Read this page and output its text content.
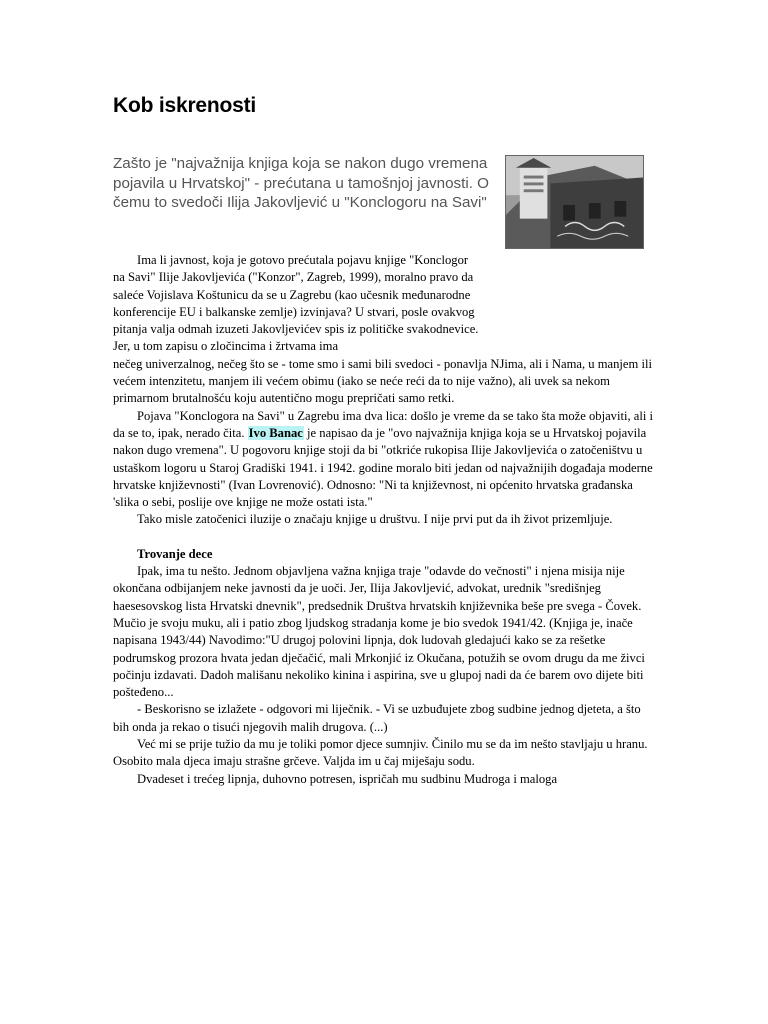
Kob iskrenosti

Zašto je "najvažnija knjiga koja se nakon dugo vremena pojavila u Hrvatskoj" - prećutana u tamošnjoj javnosti. O čemu to svedoči Ilija Jakovljević u "Konclogoru na Savi"

Ima li javnost, koja je gotovo prećutala pojavu knjige "Konclogor na Savi" Ilije Jakovljevića ("Konzor", Zagreb, 1999), moralno pravo da saleće Vojislava Koštunicu da se u Zagrebu (kao učesnik međunarodne konferencije EU i balkanske zemlje) izvinjava? U stvari, posle ovakvog pitanja valja odmah izuzeti Jakovljevićev spis iz političke svakodnevice. Jer, u tom zapisu o zločincima i žrtvama ima

nečeg univerzalnog, nečeg što se - tome smo i sami bili svedoci - ponavlja NJima, ali i Nama, u manjem ili većem intenzitetu, manjem ili većem obimu (iako se neće reći da to nije važno), ali uvek sa nekom primarnom brutalnošću koju autentično mogu prepričati samo retki.

Pojava "Konclogora na Savi" u Zagrebu ima dva lica: došlo je vreme da se tako šta može objaviti, ali i da se to, ipak, nerado čita. Ivo Banac je napisao da je "ovo najvažnija knjiga koja se u Hrvatskoj pojavila nakon dugo vremena". U pogovoru knjige stoji da bi "otkriće rukopisa Ilije Jakovljevića o zatočeništvu u ustaškom logoru u Staroj Gradiški 1941. i 1942. godine moralo biti jedan od najvažnijih događaja moderne hrvatske književnosti" (Ivan Lovrenović). Odnosno: "Ni ta književnost, ni općenito hrvatska građanska 'slika o sebi, poslije ove knjige ne može ostati ista."

Tako misle zatočenici iluzije o značaju knjige u društvu. I nije prvi put da ih život prizemljuje.

Trovanje dece

Ipak, ima tu nešto. Jednom objavljena važna knjiga traje "odavde do večnosti" i njena misija nije okončana odbijanjem neke javnosti da je uoči. Jer, Ilija Jakovljević, advokat, urednik "središnjeg haesesovskog lista Hrvatski dnevnik", predsednik Društva hrvatskih književnika beše pre svega - Čovek. Mučio je svoju muku, ali i patio zbog ljudskog stradanja kome je bio svedok 1941/42. (Knjiga je, inače napisana 1943/44) Navodimo:"U drugoj polovini lipnja, dok ludovah gledajući kako se za rešetke podrumskog prozora hvata jedan dječačić, mali Mrkonjić iz Okučana, potužih se ovom drugu da me živci počinju izdavati. Dadoh mališanu nekoliko kinina i aspirina, sve u glupoj nadi da će barem ovo dijete biti pošteđeno...

- Beskorisno se izlažete - odgovori mi liječnik. - Vi se uzbuđujete zbog sudbine jednog djeteta, a što bih onda ja rekao o tisući njegovih malih drugova. (...)

Već mi se prije tužio da mu je toliki pomor djece sumnjiv. Činilo mu se da im nešto stavljaju u hranu. Osobito mala djeca imaju strašne grčeve. Valjda im u čaj miješaju sodu.

Dvadeset i trećeg lipnja, duhovno potresen, ispričah mu sudbinu Mudroga i maloga
